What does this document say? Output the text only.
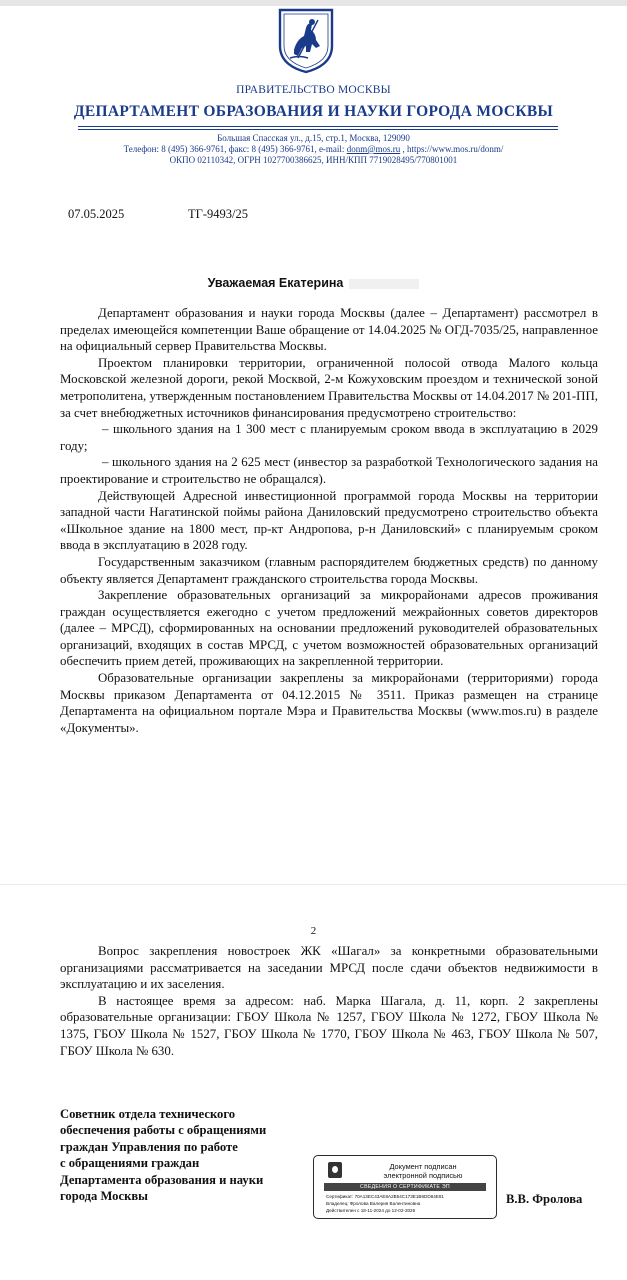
ПРАВИТЕЛЬСТВО МОСКВЫ
ДЕПАРТАМЕНТ ОБРАЗОВАНИЯ И НАУКИ ГОРОДА МОСКВЫ
Большая Спасская ул., д.15, стр.1, Москва, 129090
Телефон: 8 (495) 366-9761, факс: 8 (495) 366-9761, e-mail: donm@mos.ru , https://www.mos.ru/donm/
ОКПО 02110342, ОГРН 1027700386625, ИНН/КПП 7719028495/770801001
07.05.2025	ТГ-9493/25
Уважаемая Екатерина

Департамент образования и науки города Москвы (далее – Департамент) рассмотрел в пределах имеющейся компетенции Ваше обращение от 14.04.2025 № ОГД-7035/25, направленное на официальный сервер Правительства Москвы.

Проектом планировки территории, ограниченной полосой отвода Малого кольца Московской железной дороги, рекой Москвой, 2-м Кожуховским проездом и технической зоной метрополитена, утвержденным постановлением Правительства Москвы от 14.04.2017 № 201-ПП, за счет внебюджетных источников финансирования предусмотрено строительство:

– школьного здания на 1 300 мест с планируемым сроком ввода в эксплуатацию в 2029 году;

– школьного здания на 2 625 мест (инвестор за разработкой Технологического задания на проектирование и строительство не обращался).

Действующей Адресной инвестиционной программой города Москвы на территории западной части Нагатинской поймы района Даниловский предусмотрено строительство объекта «Школьное здание на 1800 мест, пр-кт Андропова, р-н Даниловский» с планируемым сроком ввода в эксплуатацию в 2028 году.

Государственным заказчиком (главным распорядителем бюджетных средств) по данному объекту является Департамент гражданского строительства города Москвы.

Закрепление образовательных организаций за микрорайонами адресов проживания граждан осуществляется ежегодно с учетом предложений межрайонных советов директоров (далее – МРСД), сформированных на основании предложений руководителей образовательных организаций, входящих в состав МРСД, с учетом возможностей образовательных организаций обеспечить прием детей, проживающих на закрепленной территории.

Образовательные организации закреплены за микрорайонами (территориями) города Москвы приказом Департамента от 04.12.2015 № 3511. Приказ размещен на странице Департамента на официальном портале Мэра и Правительства Москвы (www.mos.ru) в разделе «Документы».

2

Вопрос закрепления новостроек ЖК «Шагал» за конкретными образовательными организациями рассматривается на заседании МРСД после сдачи объектов недвижимости в эксплуатацию и их заселения.

В настоящее время за адресом: наб. Марка Шагала, д. 11, корп. 2 закреплены образовательные организации: ГБОУ Школа № 1257, ГБОУ Школа № 1272, ГБОУ Школа № 1375, ГБОУ Школа № 1527, ГБОУ Школа № 1770, ГБОУ Школа № 463, ГБОУ Школа № 507, ГБОУ Школа № 630.

Советник отдела технического
обеспечения работы с обращениями
граждан Управления по работе
с обращениями граждан
Департамента образования и науки
города Москвы
Документ подписан
электронной подписью
СВЕДЕНИЯ О СЕРТИФИКАТЕ ЭП
Сертификат: 70А13ЕС43АЕ8А2В54С173Е1В6DD84Е81
Владелец: Фролова Валерия Валентиновна
Действителен с 18-11-2024 до 12-02-2026
В.В. Фролова
